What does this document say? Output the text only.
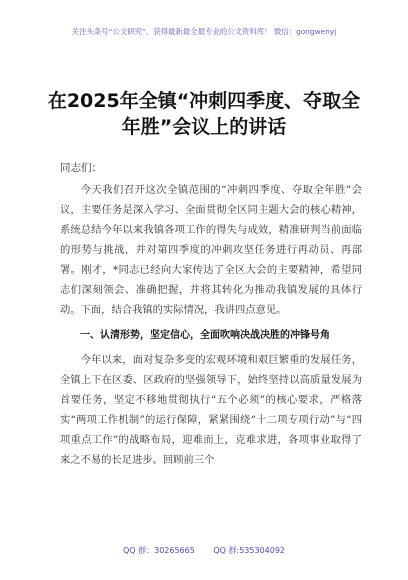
关注头条号“公文研究”，获得最新最全最专业的公文资料库！ 微信：gongwenyj
在2025年全镇“冲刺四季度、夺取全年胜”会议上的讲话
同志们：

今天我们召开这次全镇范围的“冲刺四季度、夺取全年胜”会议，主要任务是深入学习、全面贯彻全区同主题大会的核心精神，系统总结今年以来我镇各项工作的得失与成效，精准研判当前面临的形势与挑战，并对第四季度的冲刺攻坚任务进行再动员、再部署。刚才，*同志已经向大家传达了全区大会的主要精神，希望同志们深刻领会、准确把握，并将其转化为推动我镇发展的具体行动。下面，结合我镇的实际情况，我讲四点意见。

一、认清形势，坚定信心，全面吹响决战决胜的冲锋号角

今年以来，面对复杂多变的宏观环境和艰巨繁重的发展任务，全镇上下在区委、区政府的坚强领导下，始终坚持以高质量发展为首要任务，坚定不移地贯彻执行“五个必须”的核心要求，严格落实“两项工作机制”的运行保障，紧紧围绕“十二项专项行动”与“四项重点工作”的战略布局，迎难而上，克难求进，各项事业取得了来之不易的长足进步。回顾前三个

QQ 群：30265665 QQ 群:535304092
